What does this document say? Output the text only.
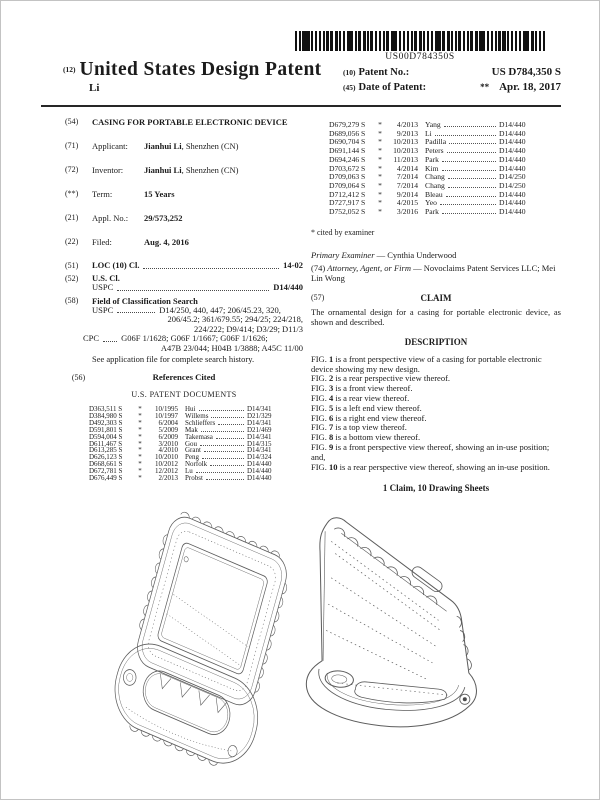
US00D784350S
(12) United States Design Patent
Li
(10) Patent No.:	US D784,350 S
(45) Date of Patent:	** Apr. 18, 2017
(54)	CASING FOR PORTABLE ELECTRONIC DEVICE
(71)	Applicant:	Jianhui Li, Shenzhen (CN)
(72)	Inventor:	Jianhui Li, Shenzhen (CN)
(**)	Term:	15 Years
(21)	Appl. No.:	29/573,252
(22)	Filed:	Aug. 4, 2016
(51)	LOC (10) Cl.	14-02
(52)	U.S. Cl.
USPC	D14/440
(58)	Field of Classification Search
USPC	D14/250, 440, 447; 206/45.23, 320,
206/45.2; 361/679.55; 294/25; 224/218,
224/222; D9/414; D3/29; D11/3
CPC	G06F 1/1628; G06F 1/1667; G06F 1/1626;
A47B 23/044; H04B 1/3888; A45C 11/00
See application file for complete search history.
(56)	References Cited
U.S. PATENT DOCUMENTS
D363,511 S	*	10/1995 Hui	D14/341
D384,980 S	*	10/1997 Willems	D21/329
D492,303 S	*	6/2004 Schlieffers	D14/341
D591,801 S	*	5/2009 Mak	D21/469
D594,004 S	*	6/2009 Takemasa	D14/341
D611,467 S	*	3/2010 Gou	D14/315
D613,285 S	*	4/2010 Grant	D14/341
D626,123 S	*	10/2010 Peng	D14/324
D668,661 S	*	10/2012 Norfolk	D14/440
D672,781 S	*	12/2012 Lu	D14/440
D676,449 S	*	2/2013 Probst	D14/440
D679,279 S	*	4/2013 Yang	D14/440
D689,056 S	*	9/2013 Li	D14/440
D690,704 S	*	10/2013 Padilla	D14/440
D691,144 S	*	10/2013 Peters	D14/440
D694,246 S	*	11/2013 Park	D14/440
D703,672 S	*	4/2014 Kim	D14/440
D709,063 S	*	7/2014 Chang	D14/250
D709,064 S	*	7/2014 Chang	D14/250
D712,412 S	*	9/2014 Bleau	D14/440
D727,917 S	*	4/2015 Yeo	D14/440
D752,052 S	*	3/2016 Park	D14/440
* cited by examiner
Primary Examiner — Cynthia Underwood
(74) Attorney, Agent, or Firm — Novoclaims Patent Services LLC; Mei Lin Wong
(57)	CLAIM
The ornamental design for a casing for portable electronic device, as shown and described.
DESCRIPTION

FIG. 1 is a front perspective view of a casing for portable electronic device showing my new design.

FIG. 2 is a rear perspective view thereof.

FIG. 3 is a front view thereof.

FIG. 4 is a rear view thereof.

FIG. 5 is a left end view thereof.

FIG. 6 is a right end view thereof.

FIG. 7 is a top view thereof.

FIG. 8 is a bottom view thereof.

FIG. 9 is a front perspective view thereof, showing an in-use position; and,

FIG. 10 is a rear perspective view thereof, showing an in-use position.

1 Claim, 10 Drawing Sheets
